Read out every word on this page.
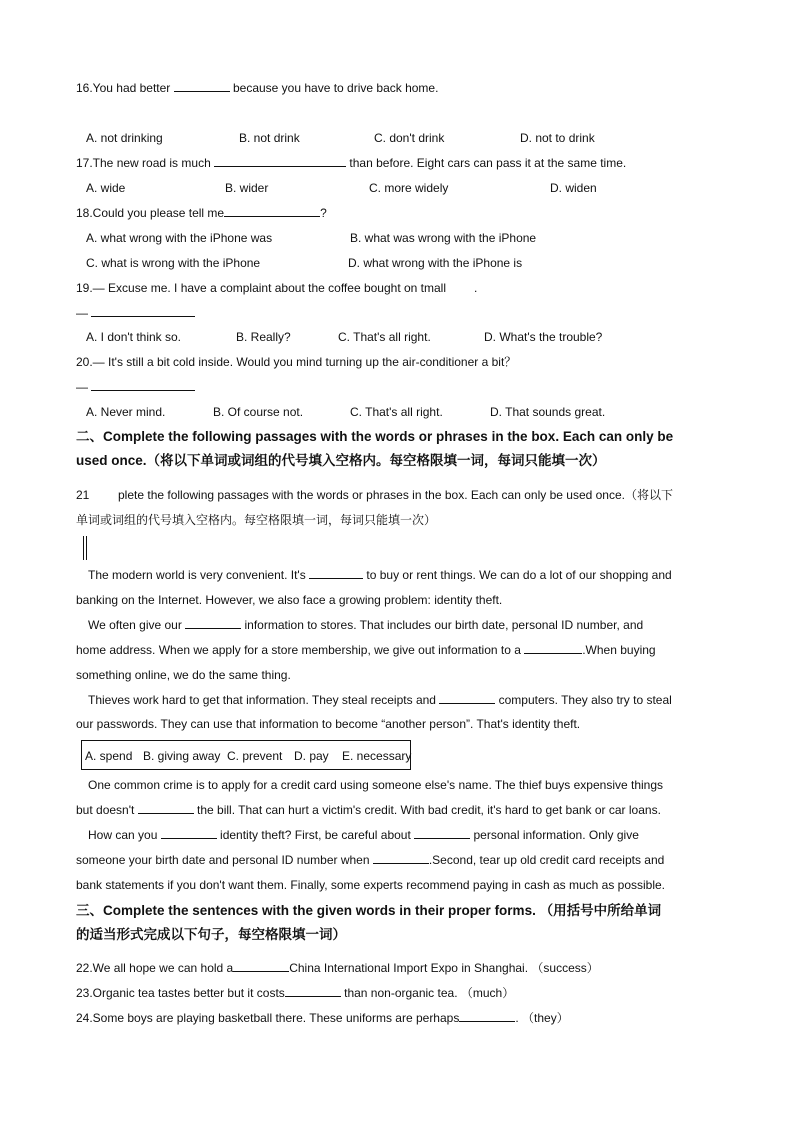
16.You had better	because you have to drive back home.
A. not drinking	B. not drink	C. don't drink	D. not to drink
17.The new road is much	than before. Eight cars can pass it at the same time.
A. wide	B. wider	C. more widely	D. widen
18.Could you please tell me	?
A. what wrong with the iPhone was	B. what was wrong with the iPhone
C. what is wrong with the iPhone	D. what wrong with the iPhone is
19.— Excuse me. I have a complaint about the coffee bought on tmall .
—
A. I don't think so.	B. Really?	C. That's all right.	D. What's the trouble?
20.— It's still a bit cold inside. Would you mind turning up the air-conditioner a bit？
—
A. Never mind.	B. Of course not.	C. That's all right.	D. That sounds great.
二、Complete the following passages with the words or phrases in the box. Each can only be
used once.（将以下单词或词组的代号填入空格内。每空格限填一词，每词只能填一次）
21 plete the following passages with the words or phrases in the box. Each can only be used once.（将以下
单词或词组的代号填入空格内。每空格限填一词，每词只能填一次）
The modern world is very convenient. It's	to buy or rent things. We can do a lot of our shopping and
banking on the Internet. However, we also face a growing problem: identity theft.
We often give our	information to stores. That includes our birth date, personal ID number, and
home address. When we apply for a store membership, we give out information to a	.When buying
something online, we do the same thing.
Thieves work hard to get that information. They steal receipts and	computers. They also try to steal
our passwords. They can use that information to become “another person”. That's identity theft.
A. spend B. giving away C. prevent D. pay E. necessary
One common crime is to apply for a credit card using someone else's name. The thief buys expensive things
but doesn't	the bill. That can hurt a victim's credit. With bad credit, it's hard to get bank or car loans.
How can you	identity theft? First, be careful about	personal information. Only give
someone your birth date and personal ID number when	.Second, tear up old credit card receipts and
bank statements if you don't want them. Finally, some experts recommend paying in cash as much as possible.
三、Complete the sentences with the given words in their proper forms. （用括号中所给单词
的适当形式完成以下句子，每空格限填一词）
22.We all hope we can hold a	China International Import Expo in Shanghai. （success）
23.Organic tea tastes better but it costs	than non-organic tea. （much）
24.Some boys are playing basketball there. These uniforms are perhaps	. （they）
